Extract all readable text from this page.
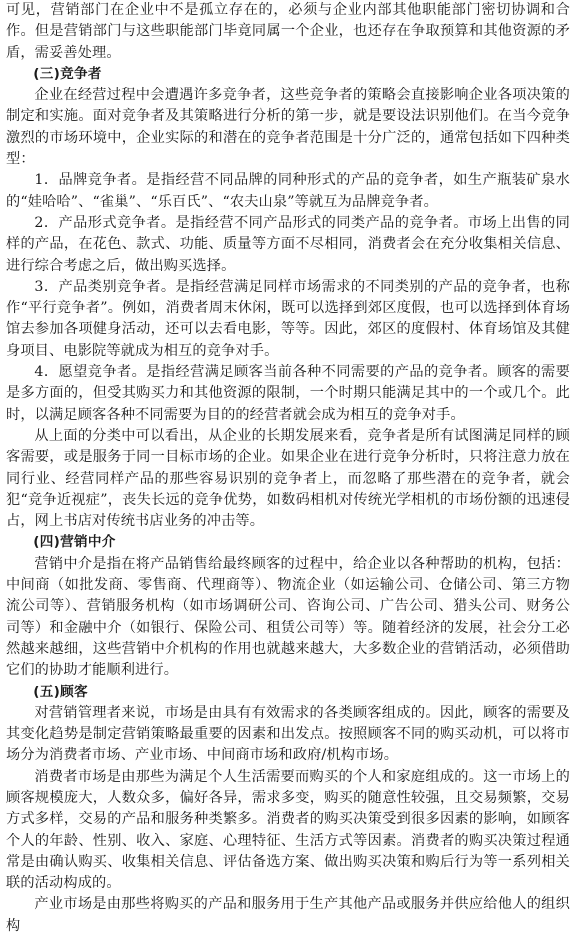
可见，营销部门在企业中不是孤立存在的，必须与企业内部其他职能部门密切协调和合作。但是营销部门与这些职能部门毕竟同属一个企业，也还存在争取预算和其他资源的矛盾，需妥善处理。

(三)竞争者

企业在经营过程中会遭遇许多竞争者，这些竞争者的策略会直接影响企业各项决策的制定和实施。面对竞争者及其策略进行分析的第一步，就是要设法识别他们。在当今竞争激烈的市场环境中，企业实际的和潜在的竞争者范围是十分广泛的，通常包括如下四种类型：

1．品牌竞争者。是指经营不同品牌的同种形式的产品的竞争者，如生产瓶装矿泉水的“娃哈哈”、“雀巢”、“乐百氏”、“农夫山泉”等就互为品牌竞争者。

2．产品形式竞争者。是指经营不同产品形式的同类产品的竞争者。市场上出售的同样的产品，在花色、款式、功能、质量等方面不尽相同，消费者会在充分收集相关信息、进行综合考虑之后，做出购买选择。

3．产品类别竞争者。是指经营满足同样市场需求的不同类别的产品的竞争者，也称作“平行竞争者”。例如，消费者周末休闲，既可以选择到郊区度假，也可以选择到体育场馆去参加各项健身活动，还可以去看电影，等等。因此，郊区的度假村、体育场馆及其健身项目、电影院等就成为相互的竞争对手。

4．愿望竞争者。是指经营满足顾客当前各种不同需要的产品的竞争者。顾客的需要是多方面的，但受其购买力和其他资源的限制，一个时期只能满足其中的一个或几个。此时，以满足顾客各种不同需要为目的的经营者就会成为相互的竞争对手。

从上面的分类中可以看出，从企业的长期发展来看，竞争者是所有试图满足同样的顾客需要，或是服务于同一目标市场的企业。如果企业在进行竞争分析时，只将注意力放在同行业、经营同样产品的那些容易识别的竞争者上，而忽略了那些潜在的竞争者，就会犯“竞争近视症”，丧失长远的竞争优势，如数码相机对传统光学相机的市场份额的迅速侵占，网上书店对传统书店业务的冲击等。

(四)营销中介

营销中介是指在将产品销售给最终顾客的过程中，给企业以各种帮助的机构，包括：中间商（如批发商、零售商、代理商等）、物流企业（如运输公司、仓储公司、第三方物流公司等）、营销服务机构（如市场调研公司、咨询公司、广告公司、猎头公司、财务公司等）和金融中介（如银行、保险公司、租赁公司等）等。随着经济的发展，社会分工必然越来越细，这些营销中介机构的作用也就越来越大，大多数企业的营销活动，必须借助它们的协助才能顺利进行。

(五)顾客

对营销管理者来说，市场是由具有有效需求的各类顾客组成的。因此，顾客的需要及其变化趋势是制定营销策略最重要的因素和出发点。按照顾客不同的购买动机，可以将市场分为消费者市场、产业市场、中间商市场和政府/机构市场。

消费者市场是由那些为满足个人生活需要而购买的个人和家庭组成的。这一市场上的顾客规模庞大，人数众多，偏好各异，需求多变，购买的随意性较强，且交易频繁，交易方式多样，交易的产品和服务种类繁多。消费者的购买决策受到很多因素的影响，如顾客个人的年龄、性别、收入、家庭、心理特征、生活方式等因素。消费者的购买决策过程通常是由确认购买、收集相关信息、评估备选方案、做出购买决策和购后行为等一系列相关联的活动构成的。

产业市场是由那些将购买的产品和服务用于生产其他产品或服务并供应给他人的组织构
